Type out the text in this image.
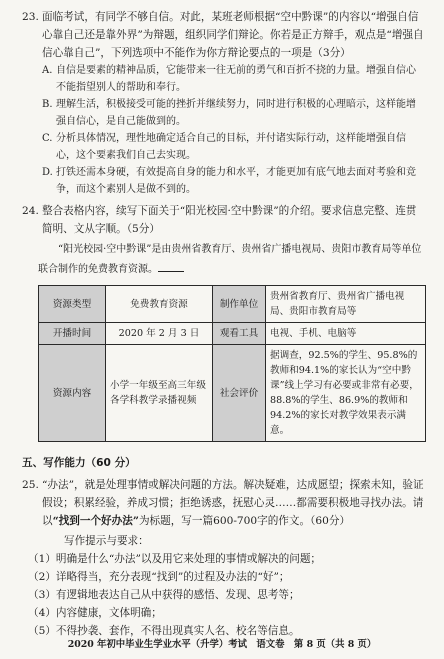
23. 面临考试，有同学不够自信。对此，某班老师根据“空中黔课”的内容以“增强自信心靠自己还是靠外界”为辩题，组织同学们辩论。你若是正方辩手，观点是“增强自信心靠自己”，下列选项中不能作为你方辩论要点的一项是（3分）
A. 自信是要素的精神品质，它能带来一往无前的勇气和百折不挠的力量。增强自信心不能指望别人的帮助和奉行。
B. 理解生活，积极接受可能的挫折并继续努力，同时进行积极的心理暗示，这样能增强自信心，是自己能做到的。
C. 分析具体情况，理性地确定适合自己的目标，并付诸实际行动，这样能增强自信心，这个要素我们自己去实现。
D. 打铁还需本身硬，有效提高自身的能力和水平，才能更加有底气地去面对考验和竞争，而这个素别人是做不到的。
24. 整合表格内容，续写下面关于“阳光校园·空中黔课”的介绍。要求信息完整、连贯简明、文从字顺。（5分）
“阳光校园·空中黔课”是由贵州省教育厅、贵州省广播电视局、贵阳市教育局等单位联合制作的免费教育资源。
资源类型	免费教育资源	制作单位	贵州省教育厅、贵州省广播电视局、贵阳市教育局等
开播时间	2020 年 2 月 3 日	观看工具	电视、手机、电脑等
资源内容	小学一年级至高三年级各学科教学录播视频	社会评价	据调查，92.5%的学生、95.8%的教师和94.1%的家长认为“空中黔课”线上学习有必要或非常有必要，88.8%的学生、86.9%的教师和94.2%的家长对教学效果表示满意。
五、写作能力（60 分）
25. “办法”，就是处理事情或解决问题的方法。解决疑难，达成愿望；探索未知，验证假设；积累经验，养成习惯；拒绝诱惑，抚慰心灵……都需要积极地寻找办法。请以“找到一个好办法”为标题，写一篇600-700字的作文。（60分）
写作提示与要求：
（1）明确是什么“办法”以及用它来处理的事情或解决的问题；
（2）详略得当，充分表现“找到”的过程及办法的“好”；
（3）有逻辑地表达自己从中获得的感悟、发现、思考等；
（4）内容健康，文体明确；
（5）不得抄袭、套作，不得出现真实人名、校名等信息。
2020 年初中毕业生学业水平（升学）考试　语文卷　第 8 页（共 8 页）
